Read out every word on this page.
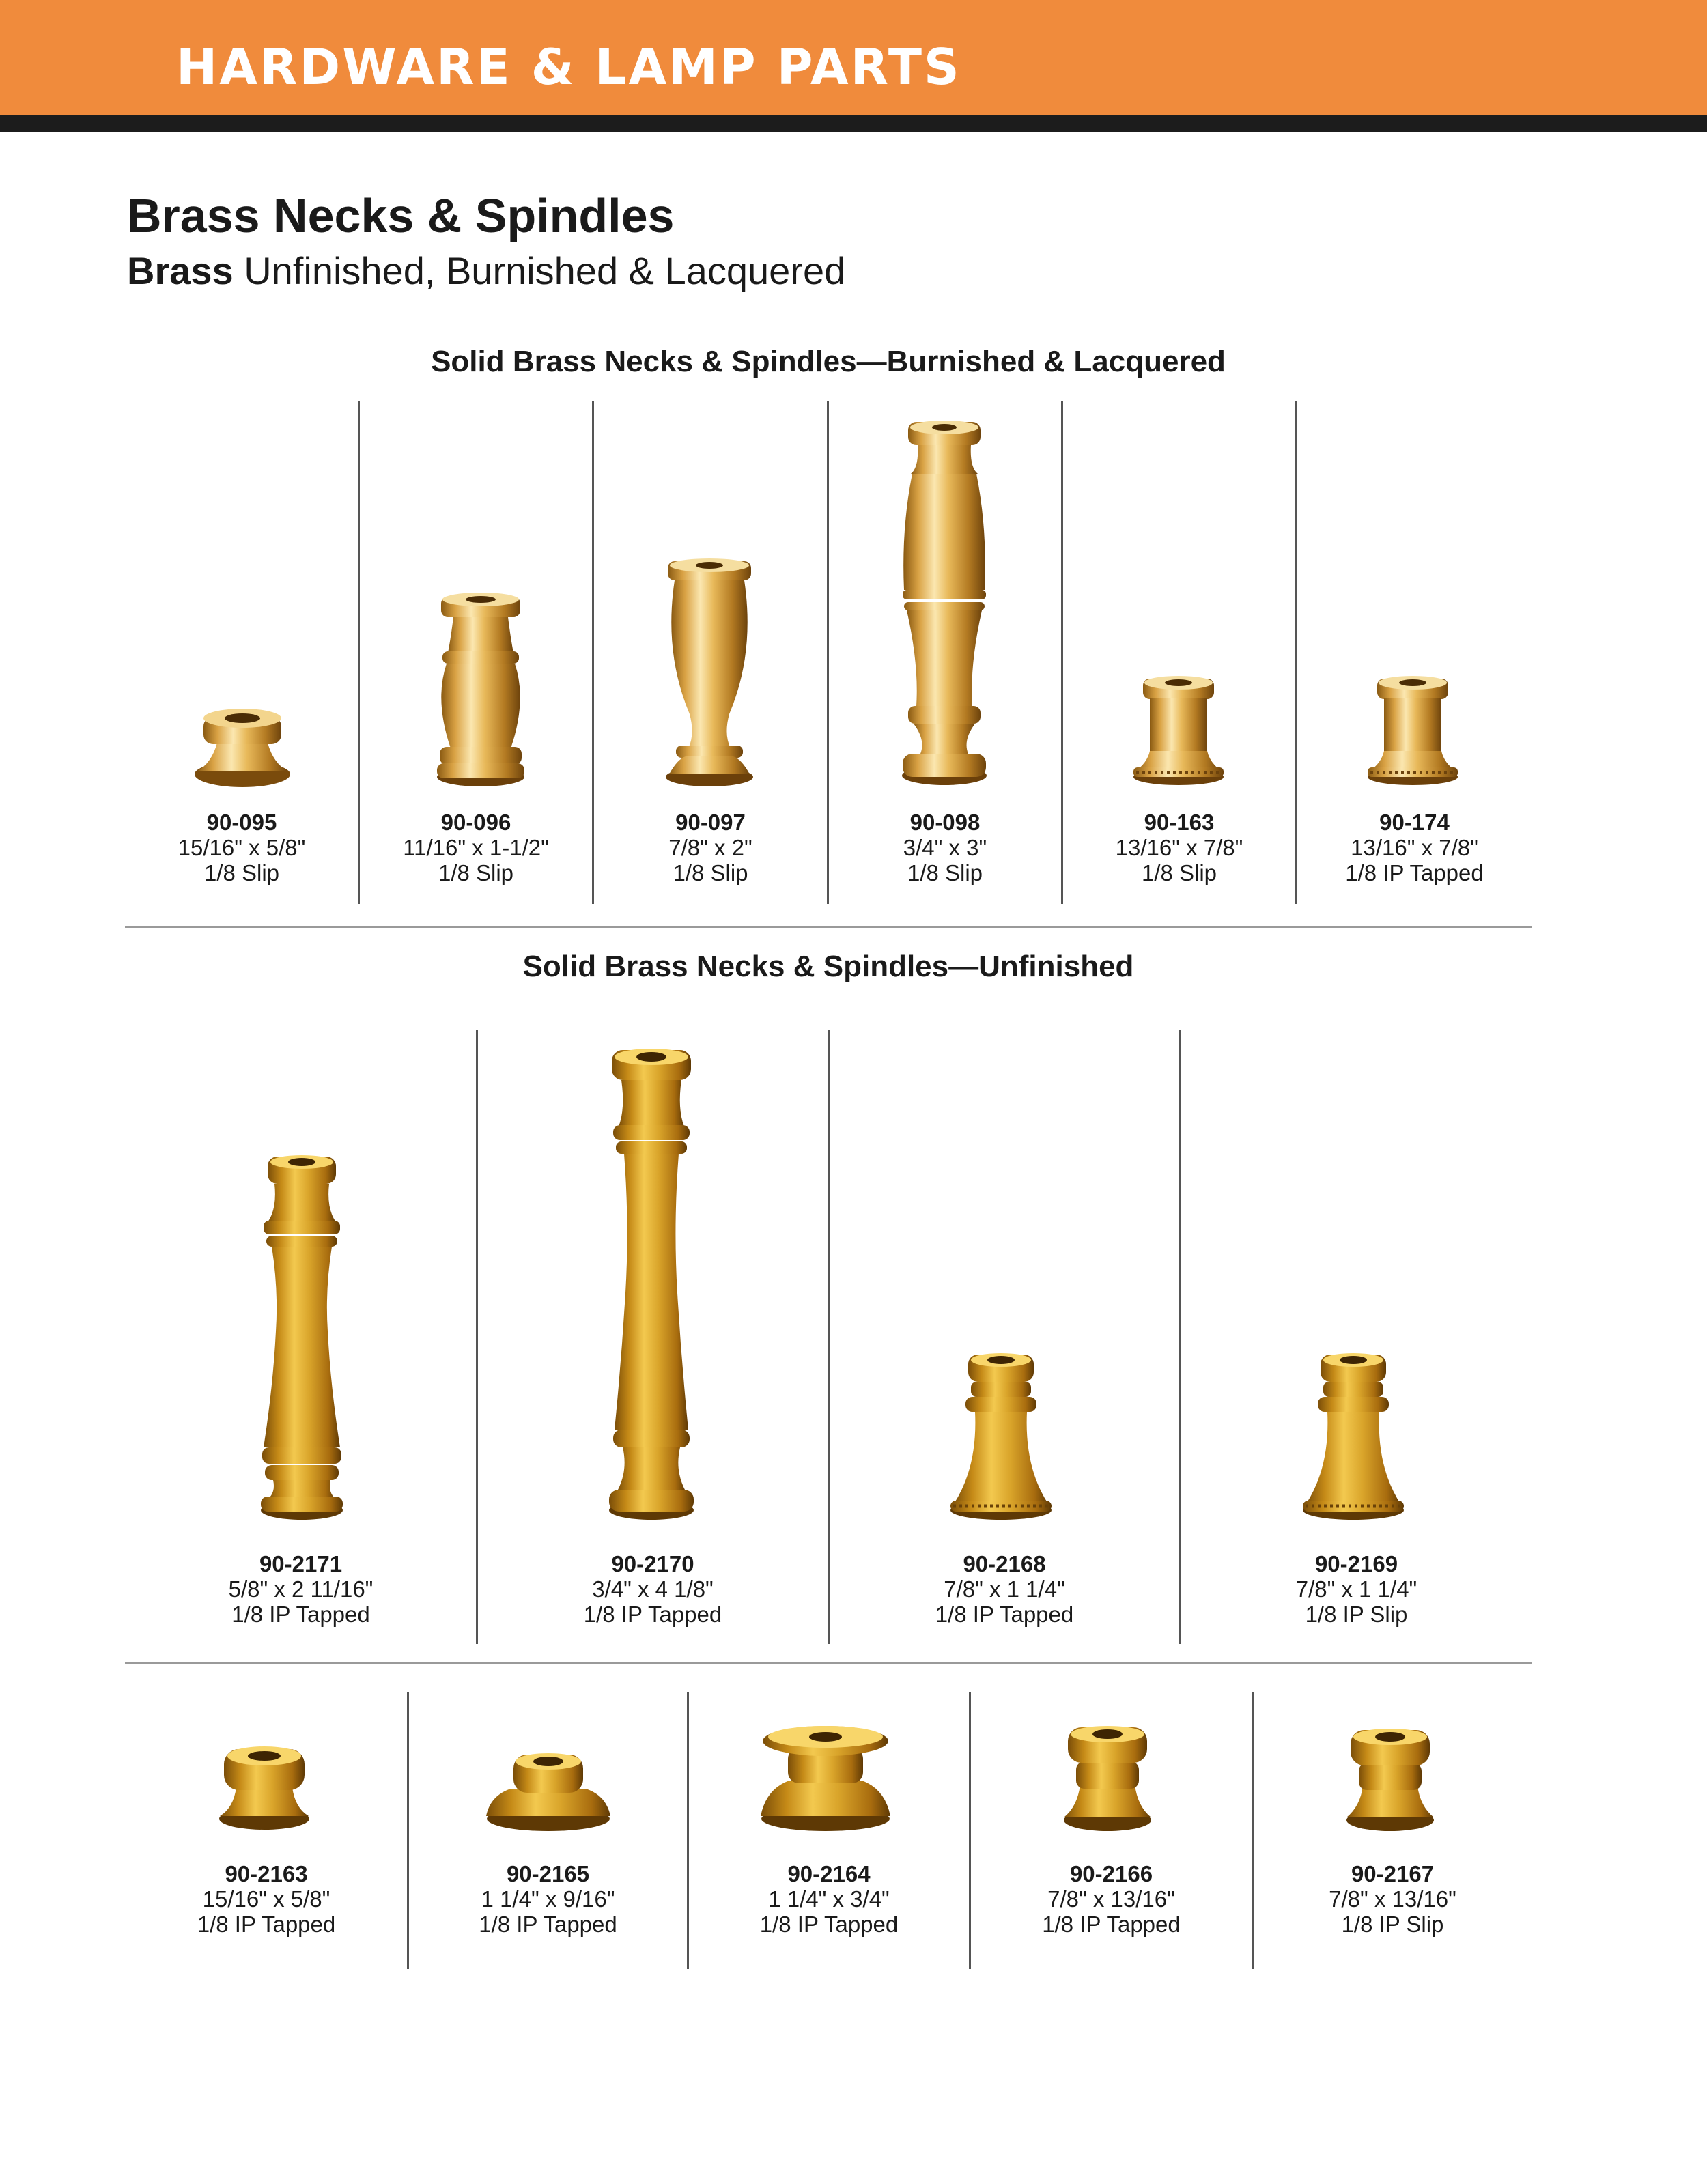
HARDWARE & LAMP PARTS
Brass Necks & Spindles
Brass Unfinished, Burnished & Lacquered
Solid Brass Necks & Spindles—Burnished & Lacquered
90-095
15/16" x 5/8"
1/8 Slip
90-096
11/16" x 1-1/2"
1/8 Slip
90-097
7/8" x 2"
1/8 Slip
90-098
3/4" x 3"
1/8 Slip
90-163
13/16" x 7/8"
1/8 Slip
90-174
13/16" x 7/8"
1/8 IP Tapped
Solid Brass Necks & Spindles—Unfinished
90-2171
5/8" x 2 11/16"
1/8 IP Tapped
90-2170
3/4" x 4 1/8"
1/8 IP Tapped
90-2168
7/8" x 1 1/4"
1/8 IP Tapped
90-2169
7/8" x 1 1/4"
1/8 IP Slip
90-2163
15/16" x 5/8"
1/8 IP Tapped
90-2165
1 1/4" x 9/16"
1/8 IP Tapped
90-2164
1 1/4" x 3/4"
1/8 IP Tapped
90-2166
7/8" x 13/16"
1/8 IP Tapped
90-2167
7/8" x 13/16"
1/8 IP Slip
